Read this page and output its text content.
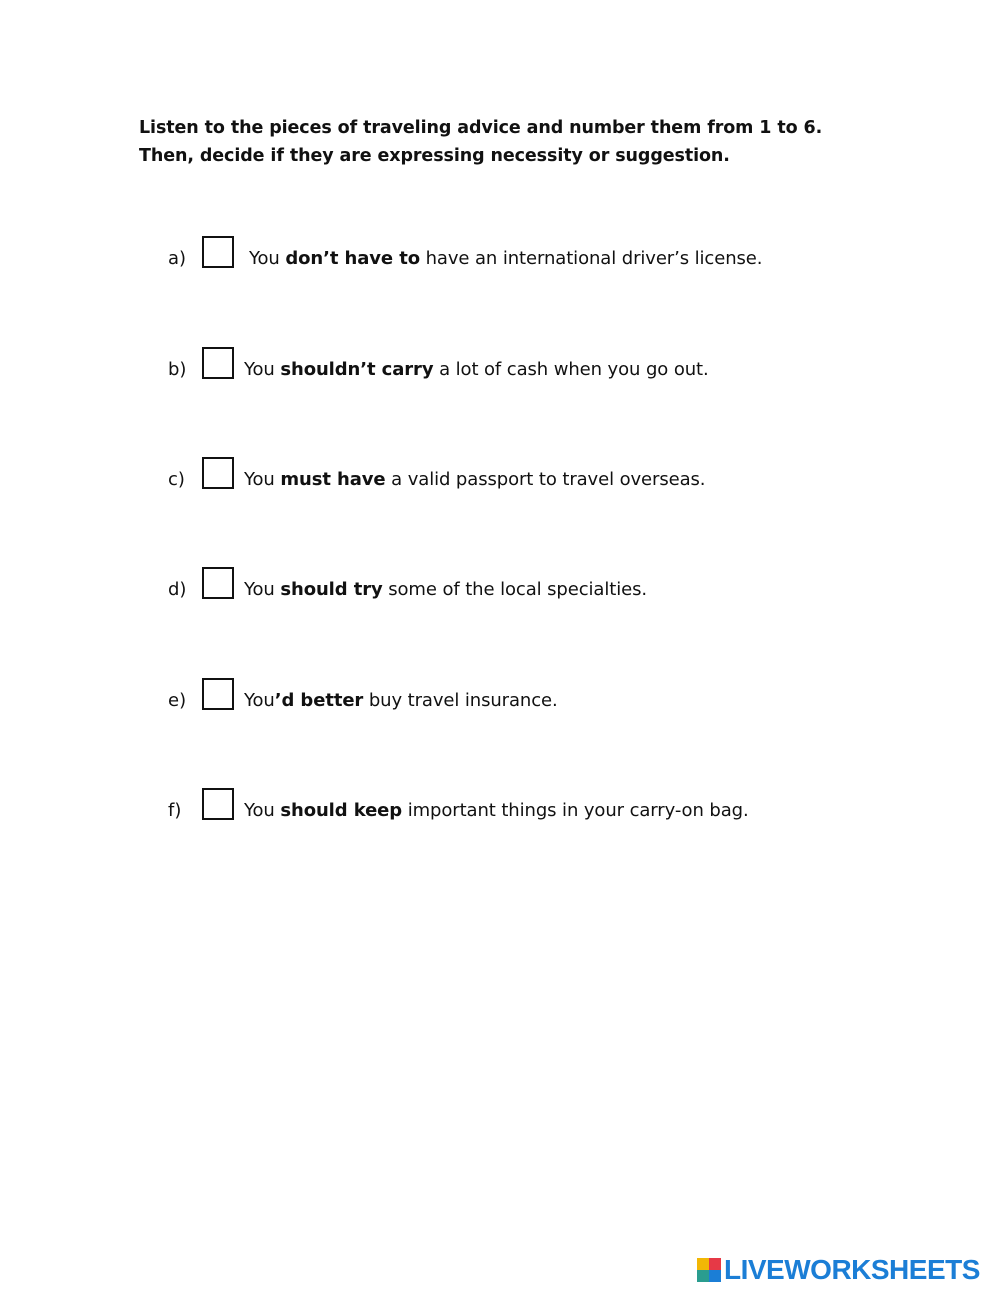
Listen to the pieces of traveling advice and number them from 1 to 6. Then, decide if they are expressing necessity or suggestion.
a)	You don’t have to have an international driver’s license.
b)	You shouldn’t carry a lot of cash when you go out.
c)	You must have a valid passport to travel overseas.
d)	You should try some of the local specialties.
e)	You’d better buy travel insurance.
f)	You should keep important things in your carry-on bag.
LIVEWORKSHEETS
